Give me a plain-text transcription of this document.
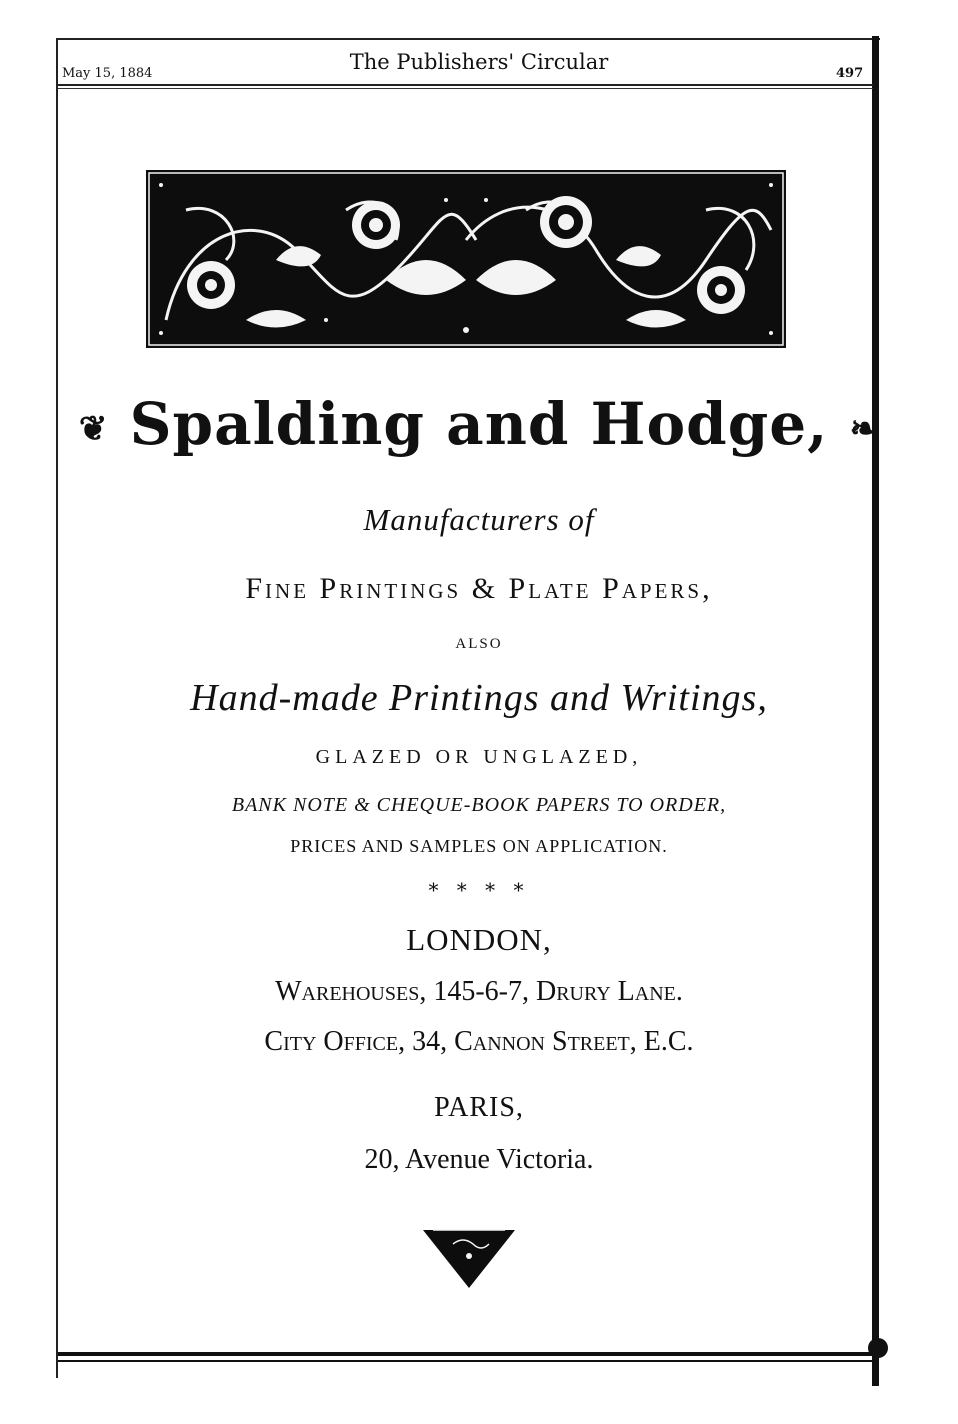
May 15, 1884	The Publishers' Circular	497
❦ Spalding and Hodge, ❧
Manufacturers of
Fine Printings & Plate Papers,
ALSO
Hand-made Printings and Writings,
GLAZED OR UNGLAZED,
BANK NOTE & CHEQUE-BOOK PAPERS TO ORDER,
PRICES AND SAMPLES ON APPLICATION.
* * * *
LONDON,
Warehouses, 145-6-7, Drury Lane.
City Office, 34, Cannon Street, E.C.
PARIS,
20, Avenue Victoria.
